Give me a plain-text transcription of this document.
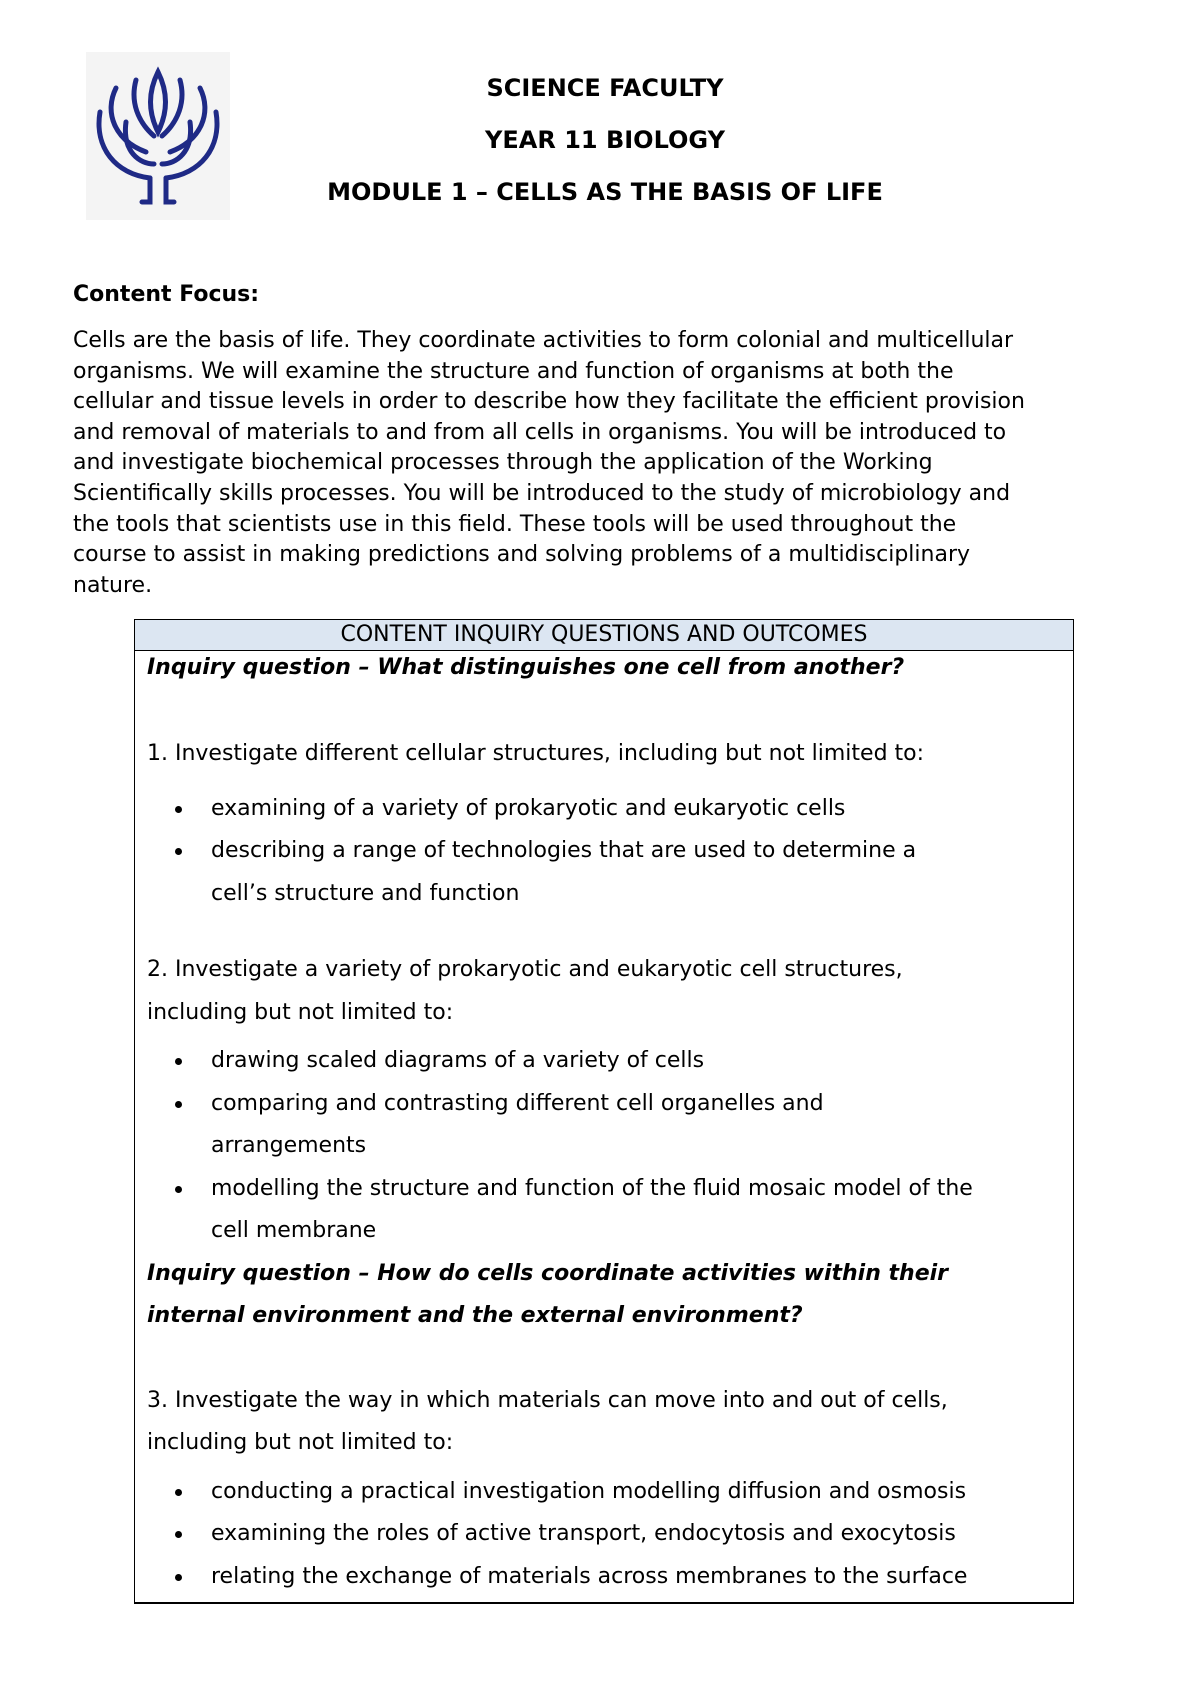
SCIENCE FACULTY
YEAR 11 BIOLOGY
MODULE 1 – CELLS AS THE BASIS OF LIFE
Content Focus:
Cells are the basis of life. They coordinate activities to form colonial and multicellular
organisms. We will examine the structure and function of organisms at both the
cellular and tissue levels in order to describe how they facilitate the efficient provision
and removal of materials to and from all cells in organisms. You will be introduced to
and investigate biochemical processes through the application of the Working
Scientifically skills processes. You will be introduced to the study of microbiology and
the tools that scientists use in this field. These tools will be used throughout the
course to assist in making predictions and solving problems of a multidisciplinary
nature.
CONTENT INQUIRY QUESTIONS AND OUTCOMES

Inquiry question – What distinguishes one cell from another?

1. Investigate different cellular structures, including but not limited to:

examining of a variety of prokaryotic and eukaryotic cells
describing a range of technologies that are used to determine a
cell’s structure and function

2. Investigate a variety of prokaryotic and eukaryotic cell structures,
including but not limited to:

drawing scaled diagrams of a variety of cells
comparing and contrasting different cell organelles and
arrangements
modelling the structure and function of the fluid mosaic model of the
cell membrane

Inquiry question – How do cells coordinate activities within their
internal environment and the external environment?

3. Investigate the way in which materials can move into and out of cells,
including but not limited to:

conducting a practical investigation modelling diffusion and osmosis
examining the roles of active transport, endocytosis and exocytosis
relating the exchange of materials across membranes to the surface
